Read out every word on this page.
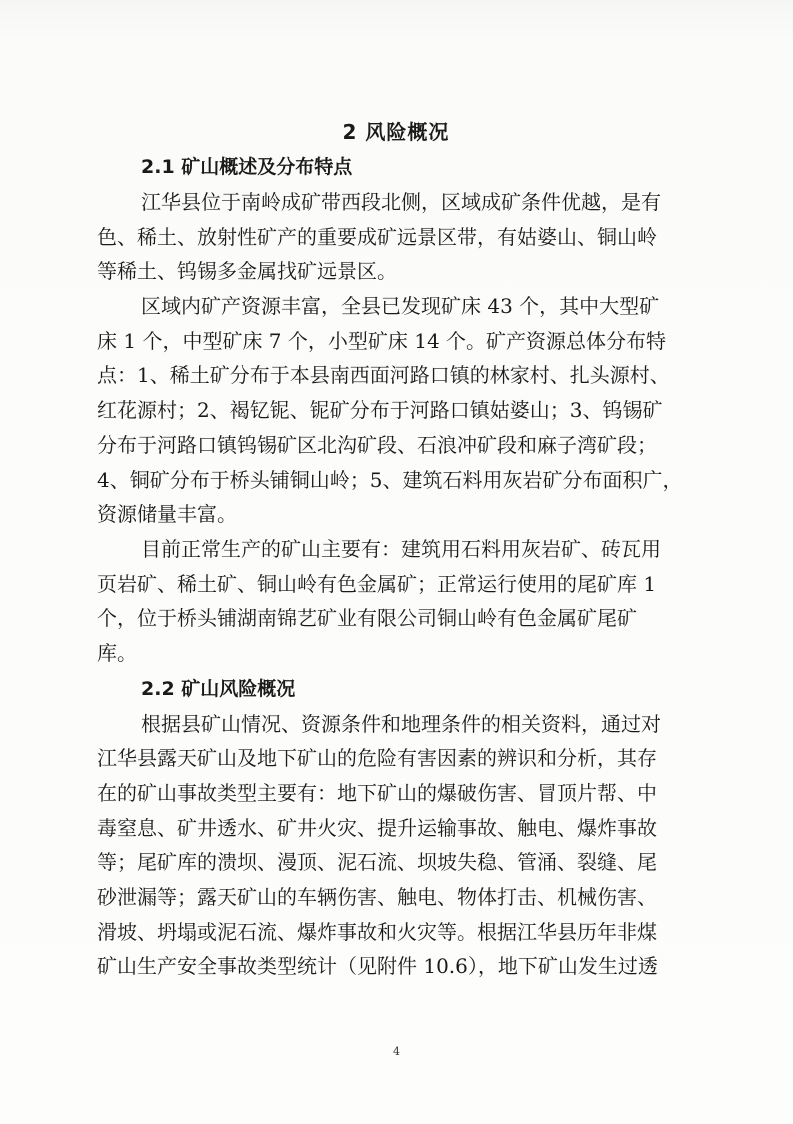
2 风险概况
2.1 矿山概述及分布特点
江华县位于南岭成矿带西段北侧，区域成矿条件优越，是有
色、稀土、放射性矿产的重要成矿远景区带，有姑婆山、铜山岭
等稀土、钨锡多金属找矿远景区。
区域内矿产资源丰富，全县已发现矿床 43 个，其中大型矿
床 1 个，中型矿床 7 个，小型矿床 14 个。矿产资源总体分布特
点：1、稀土矿分布于本县南西面河路口镇的林家村、扎头源村、
红花源村；2、褐钇铌、铌矿分布于河路口镇姑婆山；3、钨锡矿
分布于河路口镇钨锡矿区北沟矿段、石浪冲矿段和麻子湾矿段；
4、铜矿分布于桥头铺铜山岭；5、建筑石料用灰岩矿分布面积广，
资源储量丰富。
目前正常生产的矿山主要有：建筑用石料用灰岩矿、砖瓦用
页岩矿、稀土矿、铜山岭有色金属矿；正常运行使用的尾矿库 1
个，位于桥头铺湖南锦艺矿业有限公司铜山岭有色金属矿尾矿
库。
2.2 矿山风险概况
根据县矿山情况、资源条件和地理条件的相关资料，通过对
江华县露天矿山及地下矿山的危险有害因素的辨识和分析，其存
在的矿山事故类型主要有：地下矿山的爆破伤害、冒顶片帮、中
毒窒息、矿井透水、矿井火灾、提升运输事故、触电、爆炸事故
等；尾矿库的溃坝、漫顶、泥石流、坝坡失稳、管涌、裂缝、尾
砂泄漏等；露天矿山的车辆伤害、触电、物体打击、机械伤害、
滑坡、坍塌或泥石流、爆炸事故和火灾等。根据江华县历年非煤
矿山生产安全事故类型统计（见附件 10.6），地下矿山发生过透
4
